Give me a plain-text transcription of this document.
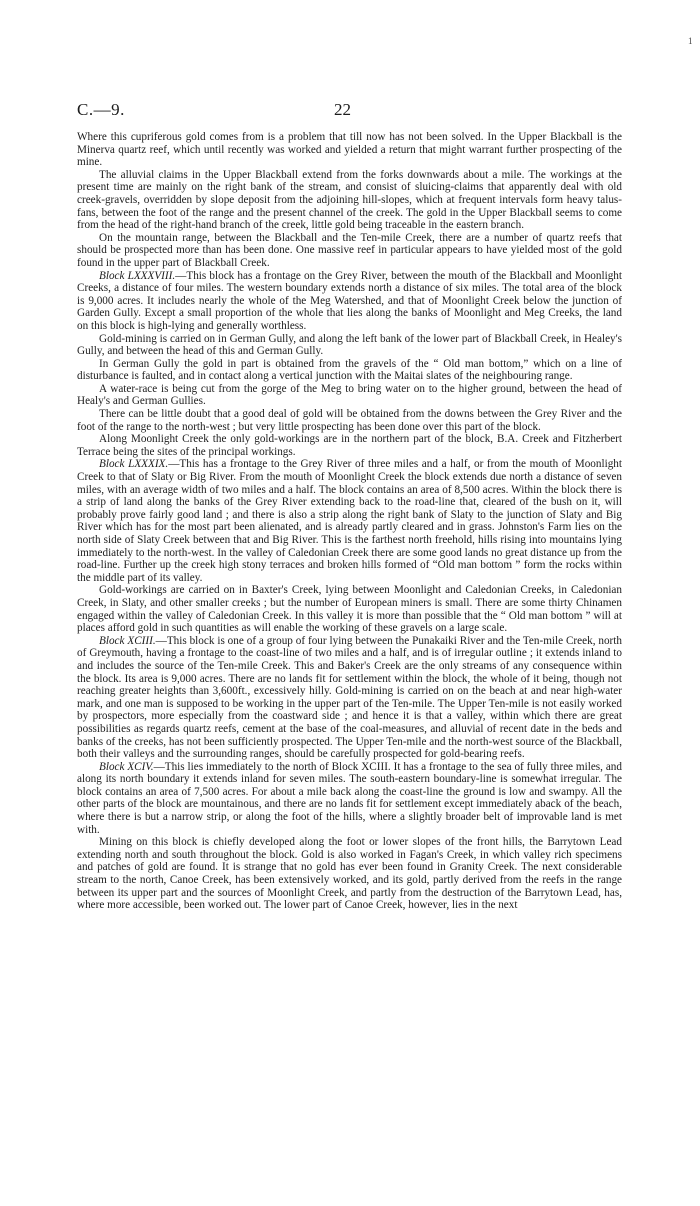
1
C.—9.	22

Where this cupriferous gold comes from is a problem that till now has not been solved. In the Upper Blackball is the Minerva quartz reef, which until recently was worked and yielded a return that might warrant further prospecting of the mine.

The alluvial claims in the Upper Blackball extend from the forks downwards about a mile. The workings at the present time are mainly on the right bank of the stream, and consist of sluicing-claims that apparently deal with old creek-gravels, overridden by slope deposit from the adjoining hill-slopes, which at frequent intervals form heavy talus-fans, between the foot of the range and the present channel of the creek. The gold in the Upper Blackball seems to come from the head of the right-hand branch of the creek, little gold being traceable in the eastern branch.

On the mountain range, between the Blackball and the Ten-mile Creek, there are a number of quartz reefs that should be prospected more than has been done. One massive reef in particular appears to have yielded most of the gold found in the upper part of Blackball Creek.

Block LXXXVIII.—This block has a frontage on the Grey River, between the mouth of the Blackball and Moonlight Creeks, a distance of four miles. The western boundary extends north a distance of six miles. The total area of the block is 9,000 acres. It includes nearly the whole of the Meg Watershed, and that of Moonlight Creek below the junction of Garden Gully. Except a small proportion of the whole that lies along the banks of Moonlight and Meg Creeks, the land on this block is high-lying and generally worthless.

Gold-mining is carried on in German Gully, and along the left bank of the lower part of Blackball Creek, in Healey's Gully, and between the head of this and German Gully.

In German Gully the gold in part is obtained from the gravels of the “ Old man bottom,” which on a line of disturbance is faulted, and in contact along a vertical junction with the Maitai slates of the neighbouring range.

A water-race is being cut from the gorge of the Meg to bring water on to the higher ground, between the head of Healy's and German Gullies.

There can be little doubt that a good deal of gold will be obtained from the downs between the Grey River and the foot of the range to the north-west ; but very little prospecting has been done over this part of the block.

Along Moonlight Creek the only gold-workings are in the northern part of the block, B.A. Creek and Fitzherbert Terrace being the sites of the principal workings.

Block LXXXIX.—This has a frontage to the Grey River of three miles and a half, or from the mouth of Moonlight Creek to that of Slaty or Big River. From the mouth of Moonlight Creek the block extends due north a distance of seven miles, with an average width of two miles and a half. The block contains an area of 8,500 acres. Within the block there is a strip of land along the banks of the Grey River extending back to the road-line that, cleared of the bush on it, will probably prove fairly good land ; and there is also a strip along the right bank of Slaty to the junction of Slaty and Big River which has for the most part been alienated, and is already partly cleared and in grass. Johnston's Farm lies on the north side of Slaty Creek between that and Big River. This is the farthest north freehold, hills rising into mountains lying immediately to the north-west. In the valley of Caledonian Creek there are some good lands no great distance up from the road-line. Further up the creek high stony terraces and broken hills formed of “Old man bottom ” form the rocks within the middle part of its valley.

Gold-workings are carried on in Baxter's Creek, lying between Moonlight and Caledonian Creeks, in Caledonian Creek, in Slaty, and other smaller creeks ; but the number of European miners is small. There are some thirty Chinamen engaged within the valley of Caledonian Creek. In this valley it is more than possible that the “ Old man bottom ” will at places afford gold in such quantities as will enable the working of these gravels on a large scale.

Block XCIII.—This block is one of a group of four lying between the Punakaiki River and the Ten-mile Creek, north of Greymouth, having a frontage to the coast-line of two miles and a half, and is of irregular outline ; it extends inland to and includes the source of the Ten-mile Creek. This and Baker's Creek are the only streams of any consequence within the block. Its area is 9,000 acres. There are no lands fit for settlement within the block, the whole of it being, though not reaching greater heights than 3,600ft., excessively hilly. Gold-mining is carried on on the beach at and near high-water mark, and one man is supposed to be working in the upper part of the Ten-mile. The Upper Ten-mile is not easily worked by prospectors, more especially from the coastward side ; and hence it is that a valley, within which there are great possibilities as regards quartz reefs, cement at the base of the coal-measures, and alluvial of recent date in the beds and banks of the creeks, has not been sufficiently prospected. The Upper Ten-mile and the north-west source of the Blackball, both their valleys and the surrounding ranges, should be carefully prospected for gold-bearing reefs.

Block XCIV.—This lies immediately to the north of Block XCIII. It has a frontage to the sea of fully three miles, and along its north boundary it extends inland for seven miles. The south-eastern boundary-line is somewhat irregular. The block contains an area of 7,500 acres. For about a mile back along the coast-line the ground is low and swampy. All the other parts of the block are mountainous, and there are no lands fit for settlement except immediately aback of the beach, where there is but a narrow strip, or along the foot of the hills, where a slightly broader belt of improvable land is met with.

Mining on this block is chiefly developed along the foot or lower slopes of the front hills, the Barrytown Lead extending north and south throughout the block. Gold is also worked in Fagan's Creek, in which valley rich specimens and patches of gold are found. It is strange that no gold has ever been found in Granity Creek. The next considerable stream to the north, Canoe Creek, has been extensively worked, and its gold, partly derived from the reefs in the range between its upper part and the sources of Moonlight Creek, and partly from the destruction of the Barrytown Lead, has, where more accessible, been worked out. The lower part of Canoe Creek, however, lies in the next
